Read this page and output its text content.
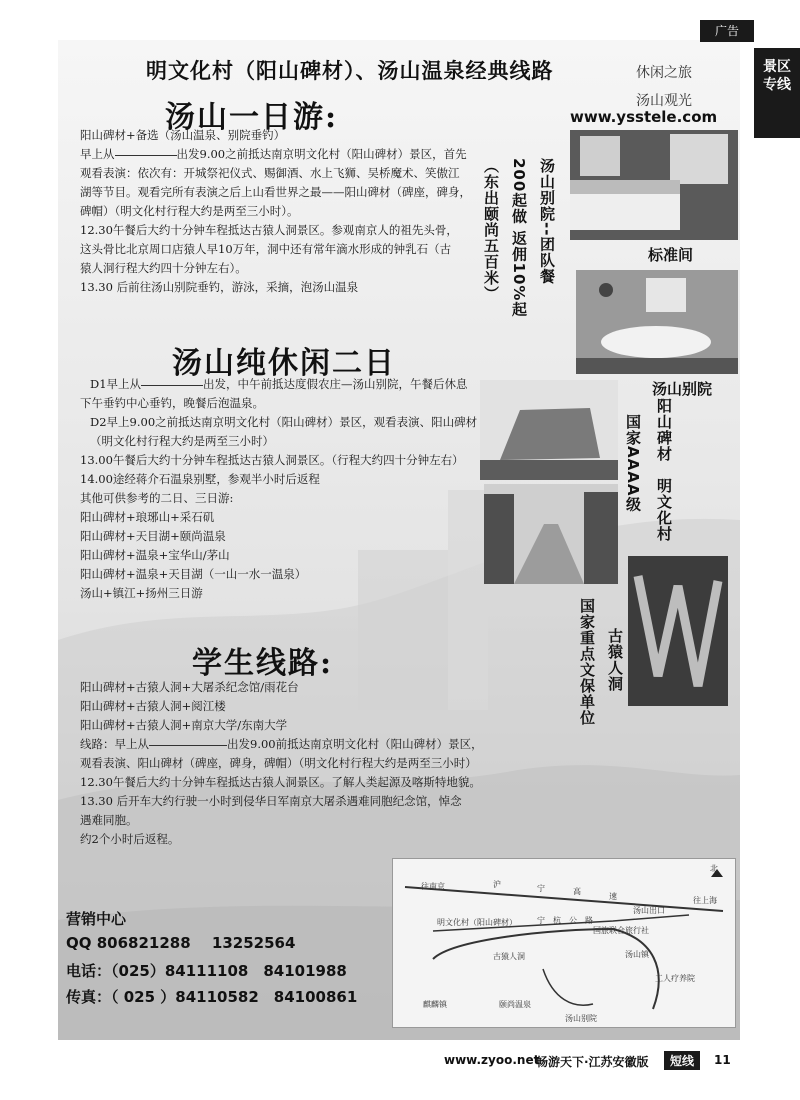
广告
景区
专线
明文化村（阳山碑材）、汤山温泉经典线路	休闲之旅
汤山观光
www.ysstele.com
汤山一日游:
阳山碑材+备选（汤山温泉、别院垂钓）
早上从	出发9.00之前抵达南京明文化村（阳山碑材）景区，首先
观看表演：依次有：开城祭祀仪式、赐御酒、水上飞狮、吴桥魔术、笑傲江
湖等节目。观看完所有表演之后上山看世界之最——阳山碑材（碑座，碑身，
碑帽）（明文化村行程大约是两至三小时）。
12.30午餐后大约十分钟车程抵达古猿人洞景区。参观南京人的祖先头骨，
这头骨比北京周口店猿人早10万年，洞中还有常年滴水形成的钟乳石（古
猿人洞行程大约四十分钟左右）。
13.30 后前往汤山别院垂钓，游泳，采摘，泡汤山温泉
汤山纯休闲二日
D1早上从	出发，中午前抵达度假农庄—汤山别院，午餐后休息
下午垂钓中心垂钓，晚餐后泡温泉。
D2早上9.00之前抵达南京明文化村（阳山碑材）景区，观看表演、阳山碑材
（明文化村行程大约是两至三小时）
13.00午餐后大约十分钟车程抵达古猿人洞景区。（行程大约四十分钟左右）
14.00途经蒋介石温泉别墅，参观半小时后返程
其他可供参考的二日、三日游:
阳山碑材+琅琊山+采石矶
阳山碑材+天目湖+颐尚温泉
阳山碑材+温泉+宝华山/茅山
阳山碑材+温泉+天目湖（一山一水一温泉）
汤山+镇江+扬州三日游
学生线路:
阳山碑材+古猿人洞+大屠杀纪念馆/雨花台
阳山碑材+古猿人洞+阅江楼
阳山碑材+古猿人洞+南京大学/东南大学
线路：早上从	出发9.00前抵达南京明文化村（阳山碑材）景区，
观看表演、阳山碑材（碑座，碑身，碑帽）（明文化村行程大约是两至三小时）
12.30午餐后大约十分钟车程抵达古猿人洞景区。了解人类起源及喀斯特地貌。
13.30 后开车大约行驶一小时到侵华日军南京大屠杀遇难同胞纪念馆，悼念
遇难同胞。
约2个小时后返程。
汤山别院--团队餐
200起做 返佣10%起
（东出颐尚五百米）
国家AAAA级 阳山碑材　明文化村
国家重点文保单位 古猿人洞
标准间
汤山别院
营销中心
QQ 806821288 13252564
电话：（025）84111108　84101988
传真：（ 025 ）84110582　84100861
北
往南京
往上海
沪	宁	高
速
宁　杭　公　路
汤山出口
明文化村（阳山碑材）
国旅联合旅行社
古猿人洞	汤山镇
麒麟镇	颐尚温泉
汤山别院
工人疗养院
www.zyoo.net
畅游天下·江苏安徽版	短线	11
